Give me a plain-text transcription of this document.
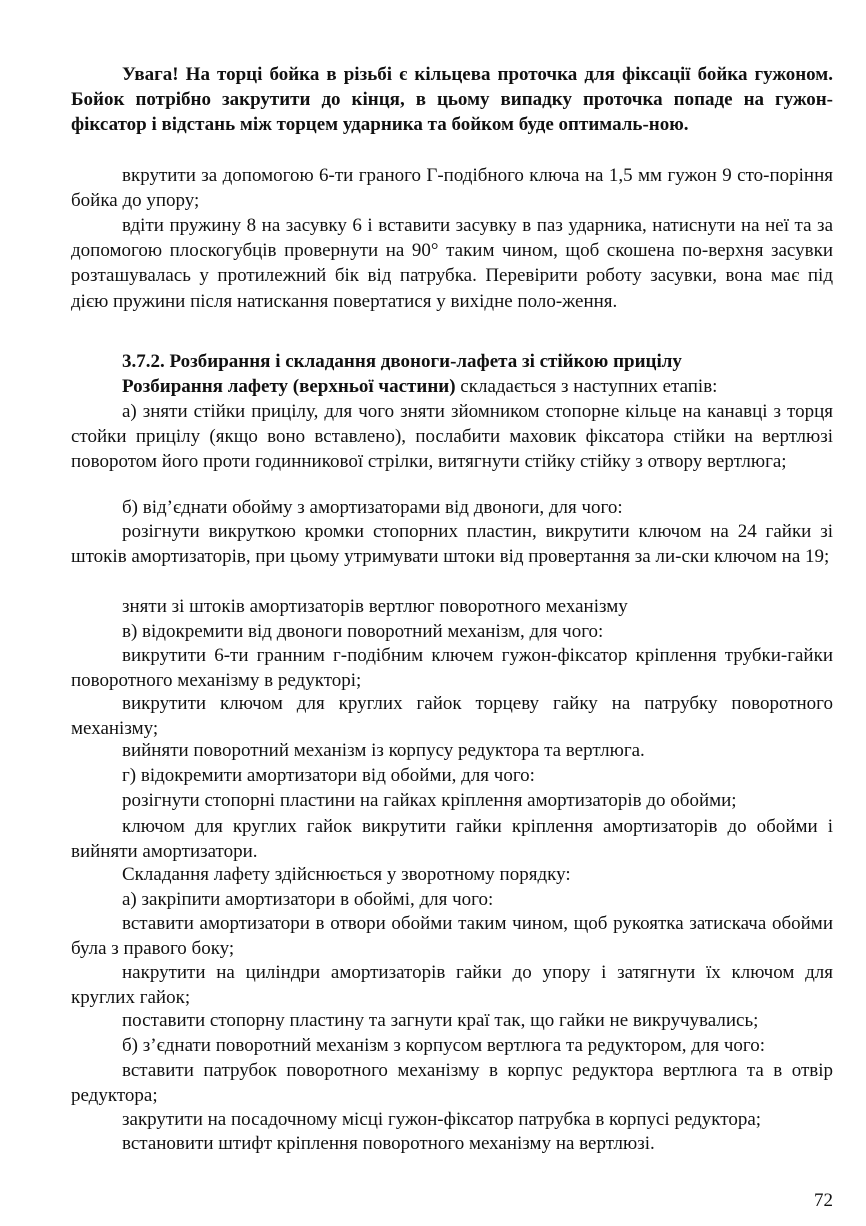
Увага! На торці бойка в різьбі є кільцева проточка для фіксації бойка гужоном. Бойок потрібно закрутити до кінця, в цьому випадку проточка попаде на гужон-фіксатор і відстань між торцем ударника та бойком буде оптималь-ною.

вкрутити за допомогою 6-ти граного Г-подібного ключа на 1,5 мм гужон 9 сто-поріння бойка до упору;

вдіти пружину 8 на засувку 6 і вставити засувку в паз ударника, натиснути на неї та за допомогою плоскогубців провернути на 90° таким чином, щоб скошена по-верхня засувки розташувалась у протилежний бік від патрубка. Перевірити роботу засувки, вона має під дією пружини після натискання повертатися у вихідне поло-ження.

3.7.2. Розбирання і складання двоноги-лафета зі стійкою прицілу

Розбирання лафету (верхньої частини) складається з наступних етапів:

а) зняти стійки прицілу, для чого зняти зйомником стопорне кільце на канавці з торця стойки прицілу (якщо воно вставлено), послабити маховик фіксатора стійки на вертлюзі поворотом його проти годинникової стрілки, витягнути стійку стійку з отвору вертлюга;

б) від’єднати обойму з амортизаторами від двоноги, для чого:

розігнути викруткою кромки стопорних пластин, викрутити ключом на 24 гайки зі штоків амортизаторів, при цьому утримувати штоки від провертання за ли-ски ключом на 19;

зняти зі штоків амортизаторів вертлюг поворотного механізму

в) відокремити від двоноги поворотний механізм, для чого:

викрутити 6-ти гранним г-подібним ключем гужон-фіксатор кріплення трубки-гайки поворотного механізму в редукторі;

викрутити ключом для круглих гайок торцеву гайку на патрубку поворотного механізму;

вийняти поворотний механізм із корпусу редуктора та вертлюга.

г) відокремити амортизатори від обойми, для чого:

розігнути стопорні пластини на гайках кріплення амортизаторів до обойми;

ключом для круглих гайок викрутити гайки кріплення амортизаторів до обойми і вийняти амортизатори.

Складання лафету здійснюється у зворотному порядку:

а) закріпити амортизатори в обоймі, для чого:

вставити амортизатори в отвори обойми таким чином, щоб рукоятка затискача обойми була з правого боку;

накрутити на циліндри амортизаторів гайки до упору і затягнути їх ключом для круглих гайок;

поставити стопорну пластину та загнути краї так, що гайки не викручувались;

б) з’єднати поворотний механізм з корпусом вертлюга та редуктором, для чого:

вставити патрубок поворотного механізму в корпус редуктора вертлюга та в отвір редуктора;

закрутити на посадочному місці гужон-фіксатор патрубка в корпусі редуктора;

встановити штифт кріплення поворотного механізму на вертлюзі.

72
